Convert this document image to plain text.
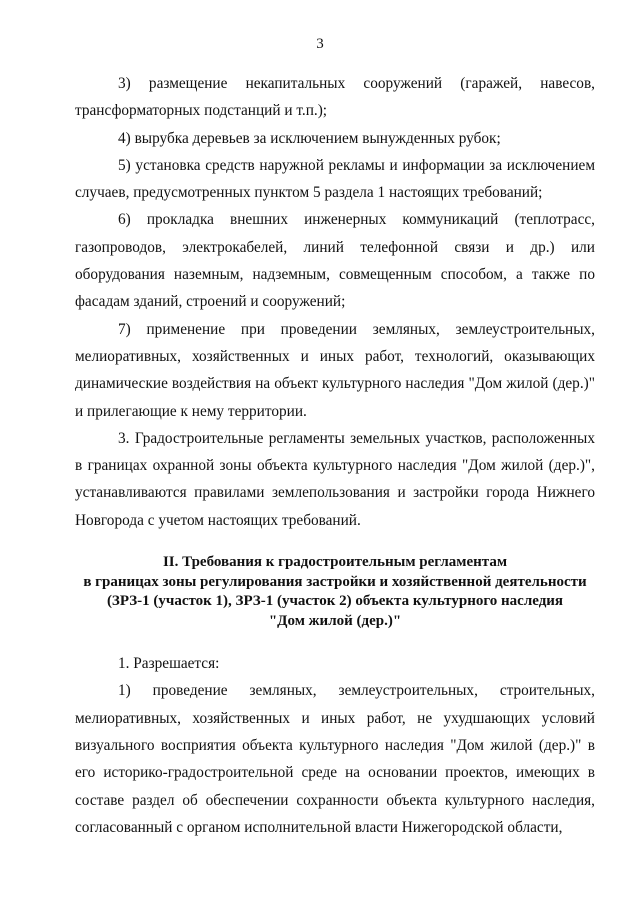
3

3) размещение некапитальных сооружений (гаражей, навесов, трансформаторных подстанций и т.п.);

4) вырубка деревьев за исключением вынужденных рубок;

5) установка средств наружной рекламы и информации за исключением случаев, предусмотренных пунктом 5 раздела 1 настоящих требований;

6) прокладка внешних инженерных коммуникаций (теплотрасс, газопроводов, электрокабелей, линий телефонной связи и др.) или оборудования наземным, надземным, совмещенным способом, а также по фасадам зданий, строений и сооружений;

7) применение при проведении земляных, землеустроительных, мелиоративных, хозяйственных и иных работ, технологий, оказывающих динамические воздействия на объект культурного наследия "Дом жилой (дер.)" и прилегающие к нему территории.

3. Градостроительные регламенты земельных участков, расположенных в границах охранной зоны объекта культурного наследия "Дом жилой (дер.)", устанавливаются правилами землепользования и застройки города Нижнего Новгорода с учетом настоящих требований.

II. Требования к градостроительным регламентам
в границах зоны регулирования застройки и хозяйственной деятельности
(ЗРЗ-1 (участок 1), ЗРЗ-1 (участок 2) объекта культурного наследия
"Дом жилой (дер.)"

1. Разрешается:

1) проведение земляных, землеустроительных, строительных, мелиоративных, хозяйственных и иных работ, не ухудшающих условий визуального восприятия объекта культурного наследия "Дом жилой (дер.)" в его историко-градостроительной среде на основании проектов, имеющих в составе раздел об обеспечении сохранности объекта культурного наследия, согласованный с органом исполнительной власти Нижегородской области,
